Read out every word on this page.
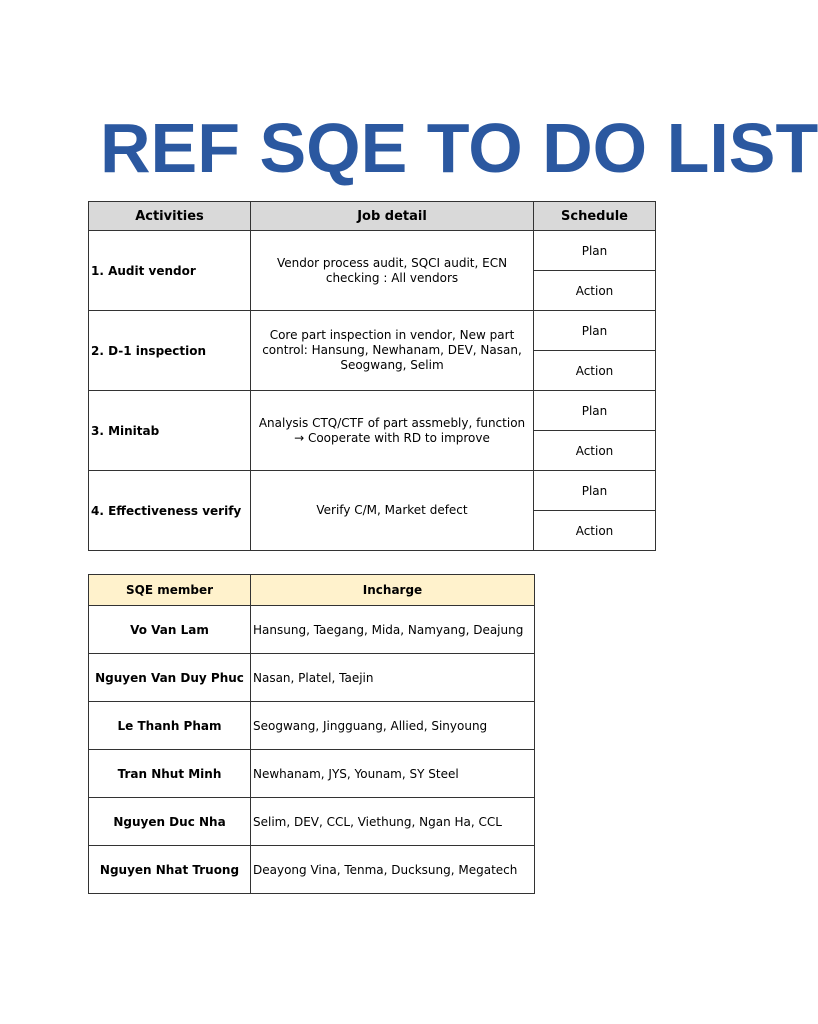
REF SQE TO DO LIST
Activities	Job detail	Schedule
1. Audit vendor	Vendor process audit, SQCI audit, ECN checking : All vendors	Plan
		Action
2. D-1 inspection	Core part inspection in vendor, New part control: Hansung, Newhanam, DEV, Nasan, Seogwang, Selim	Plan
		Action
3. Minitab	Analysis CTQ/CTF of part assmebly, function → Cooperate with RD to improve	Plan
		Action
4. Effectiveness verify	Verify C/M, Market defect	Plan
		Action
SQE member	Incharge
Vo Van Lam	Hansung, Taegang, Mida, Namyang, Deajung
Nguyen Van Duy Phuc	Nasan, Platel, Taejin
Le Thanh Pham	Seogwang, Jingguang, Allied, Sinyoung
Tran Nhut Minh	Newhanam, JYS, Younam, SY Steel
Nguyen Duc Nha	Selim, DEV, CCL, Viethung, Ngan Ha, CCL
Nguyen Nhat Truong	Deayong Vina, Tenma, Ducksung, Megatech
